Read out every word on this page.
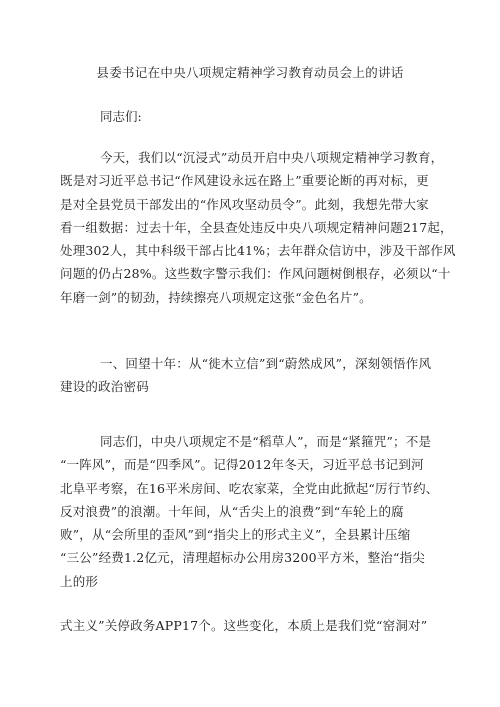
县委书记在中央八项规定精神学习教育动员会上的讲话
同志们:
今天，我们以“沉浸式”动员开启中央八项规定精神学习教育，
既是对习近平总书记“作风建设永远在路上”重要论断的再对标，更
是对全县党员干部发出的“作风攻坚动员令”。此刻，我想先带大家
看一组数据：过去十年，全县查处违反中央八项规定精神问题217起，
处理302人，其中科级干部占比41%；去年群众信访中，涉及干部作风
问题的仍占28%。这些数字警示我们：作风问题树倒根存，必须以“十
年磨一剑”的韧劲，持续擦亮八项规定这张“金色名片”。
一、回望十年：从“徙木立信”到“蔚然成风”，深刻领悟作风
建设的政治密码
同志们，中央八项规定不是“稻草人”，而是“紧箍咒”；不是
“一阵风”，而是“四季风”。记得2012年冬天，习近平总书记到河
北阜平考察，在16平米房间、吃农家菜，全党由此掀起“厉行节约、
反对浪费”的浪潮。十年间，从“舌尖上的浪费”到“车轮上的腐
败”，从“会所里的歪风”到“指尖上的形式主义”，全县累计压缩
“三公”经费1.2亿元，清理超标办公用房3200平方米，整治“指尖
上的形
式主义”关停政务APP17个。这些变化，本质上是我们党“窑洞对”
